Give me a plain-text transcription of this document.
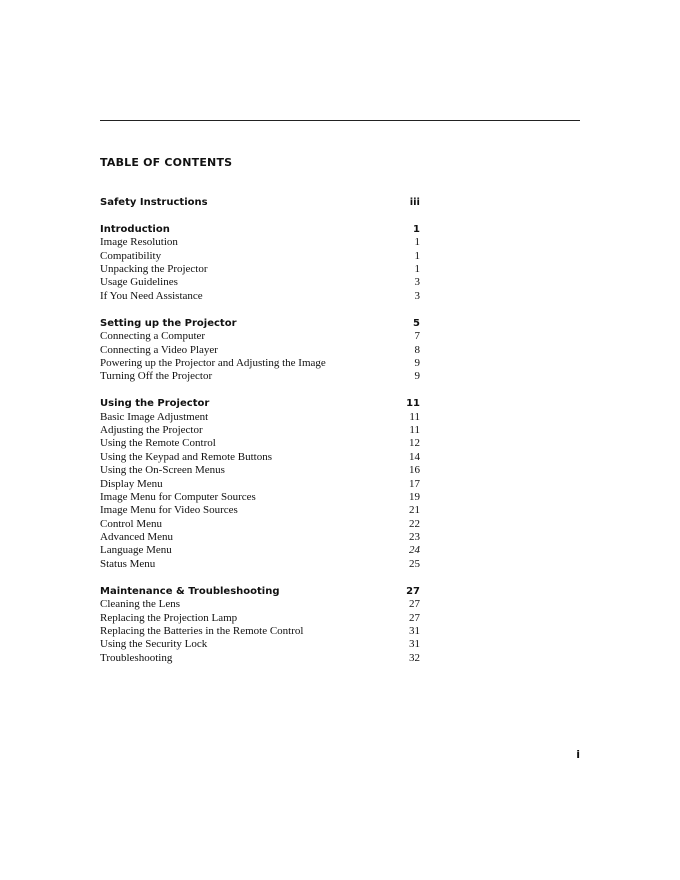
TABLE OF CONTENTS
Safety Instructions	iii
Introduction	1
Image Resolution	1
Compatibility	1
Unpacking the Projector	1
Usage Guidelines	3
If You Need Assistance	3
Setting up the Projector	5
Connecting a Computer	7
Connecting a Video Player	8
Powering up the Projector and Adjusting the Image	9
Turning Off the Projector	9
Using the Projector	11
Basic Image Adjustment	11
Adjusting the Projector	11
Using the Remote Control	12
Using the Keypad and Remote Buttons	14
Using the On-Screen Menus	16
Display Menu	17
Image Menu for Computer Sources	19
Image Menu for Video Sources	21
Control Menu	22
Advanced Menu	23
Language Menu	24
Status Menu	25
Maintenance & Troubleshooting	27
Cleaning the Lens	27
Replacing the Projection Lamp	27
Replacing the Batteries in the Remote Control	31
Using the Security Lock	31
Troubleshooting	32
i
